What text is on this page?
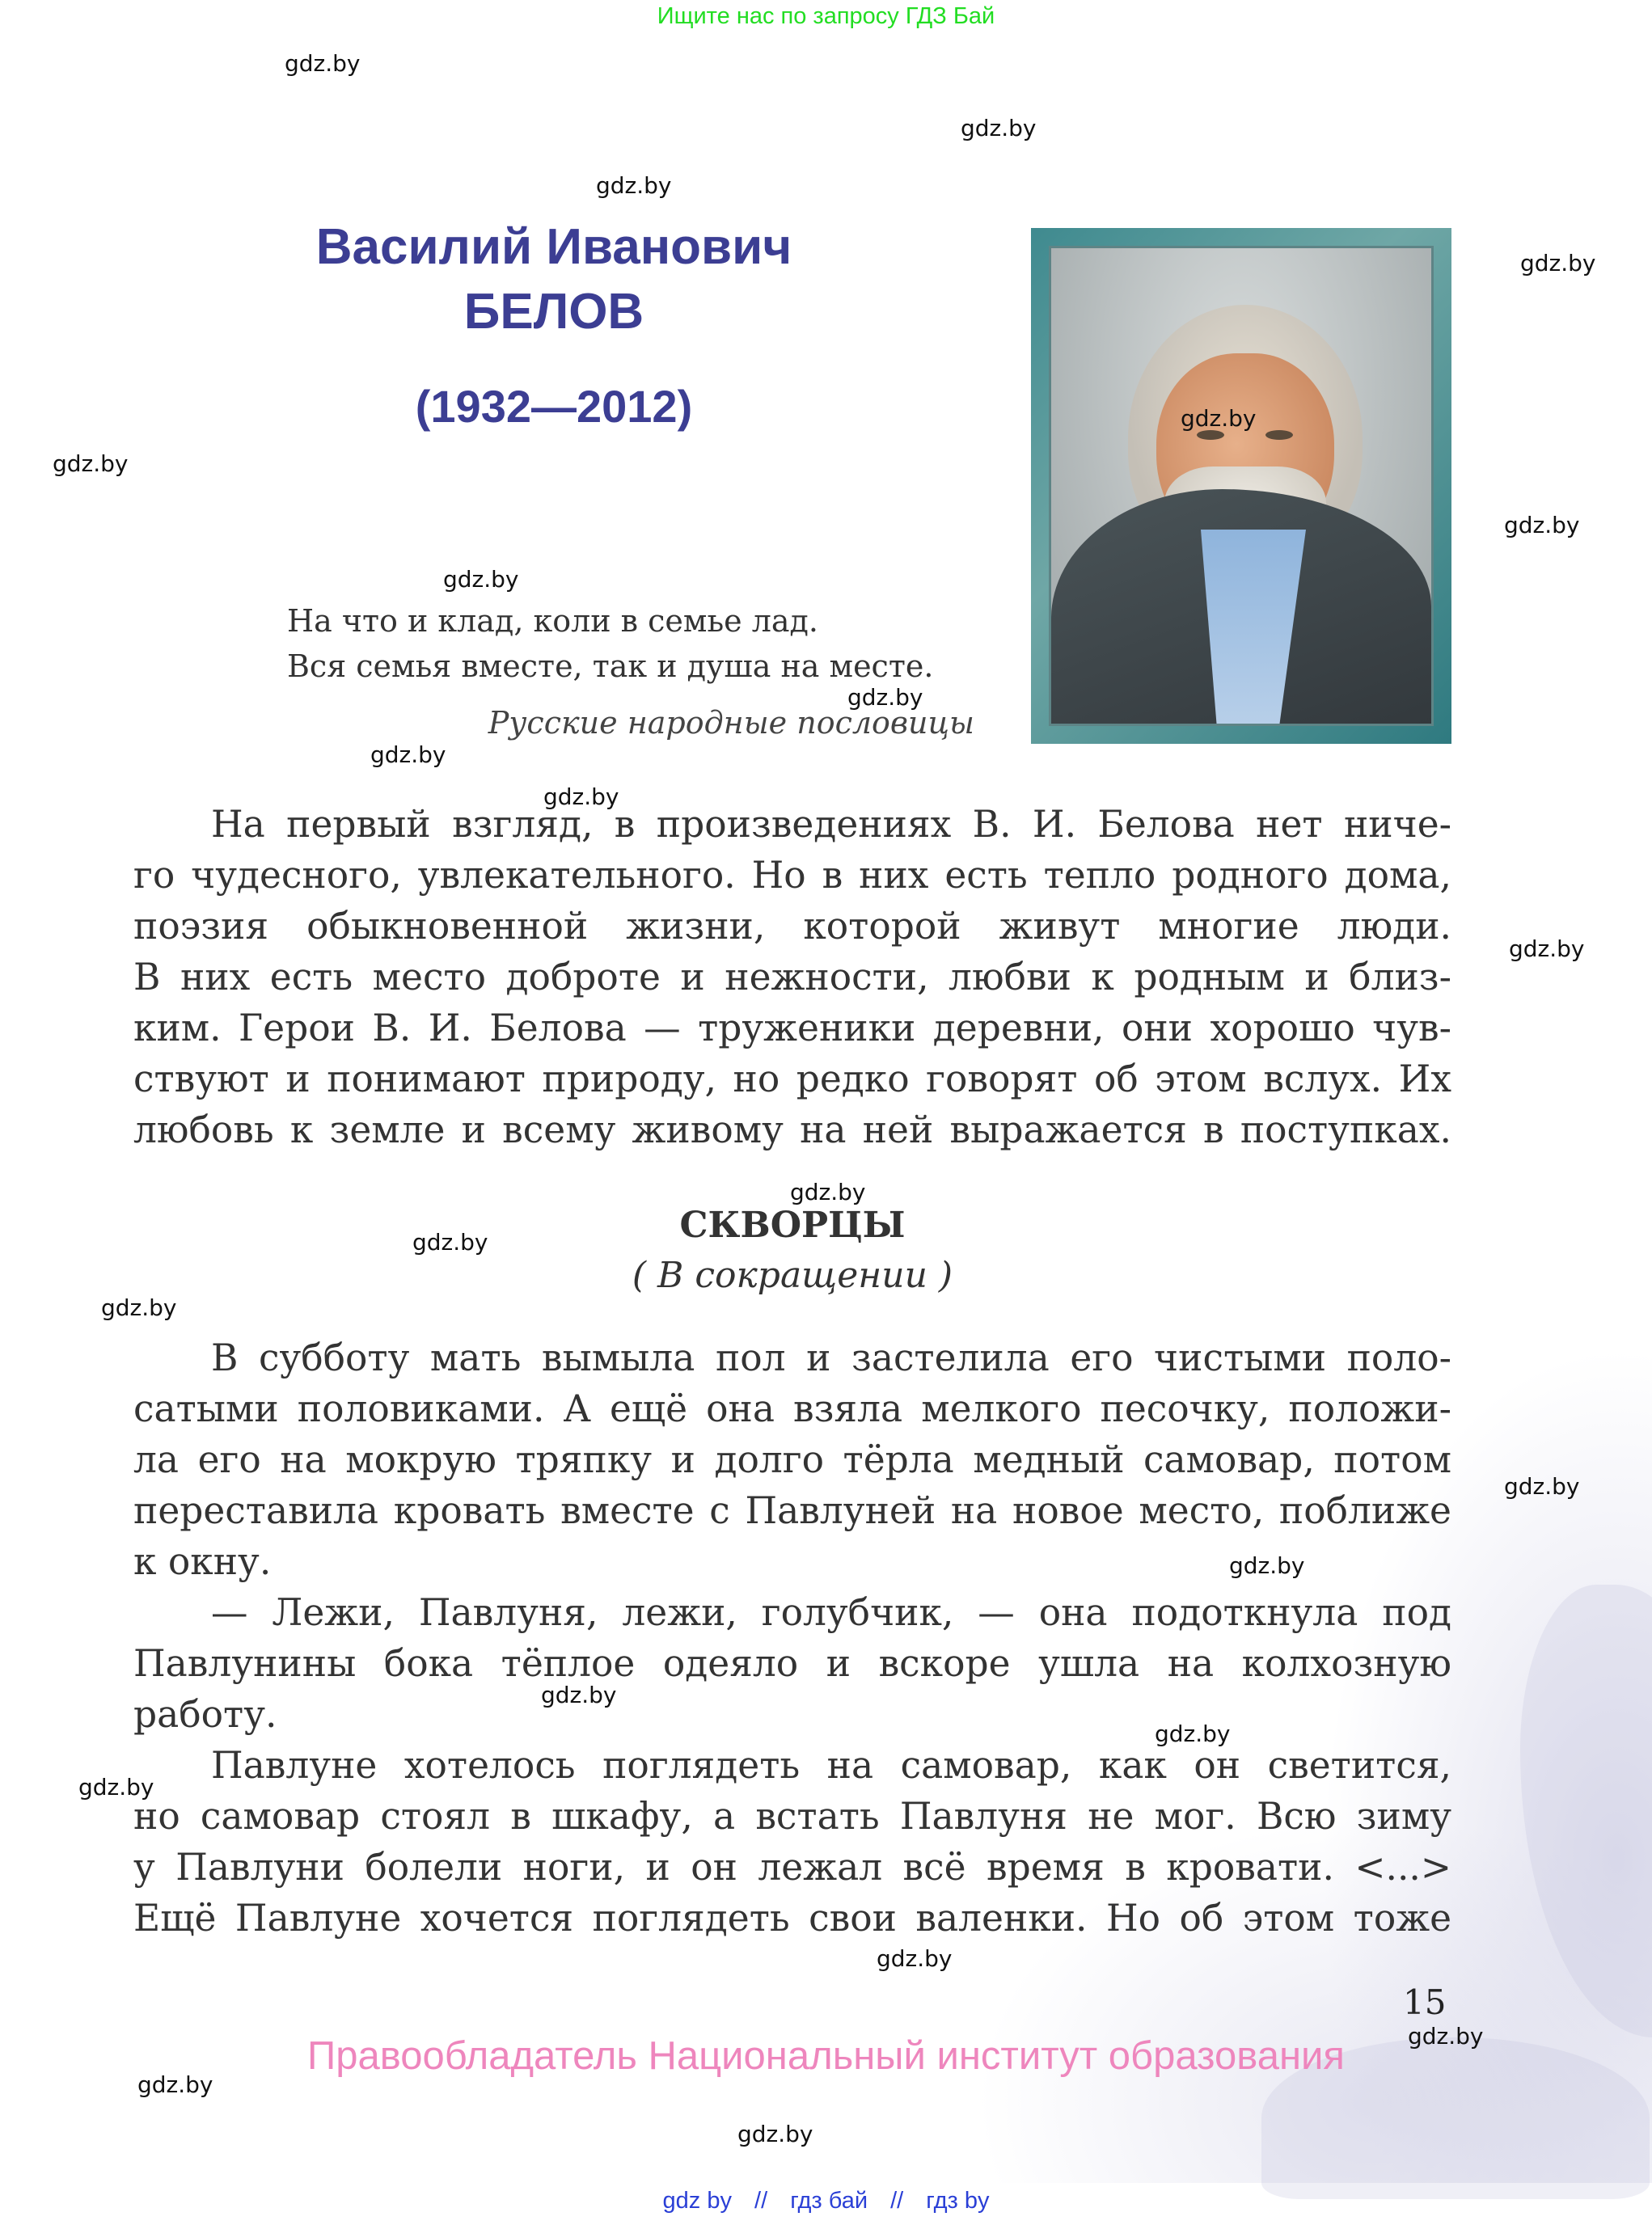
Ищите нас по запросу ГДЗ Бай
Василий Иванович
БЕЛОВ
(1932—2012)
На что и клад, коли в семье лад.
Вся семья вместе, так и душа на месте.
Русские народные пословицы
На первый взгляд, в произведениях В. И. Белова нет ниче-
го чудесного, увлекательного. Но в них есть тепло родного дома,
поэзия обыкновенной жизни, которой живут многие люди.
В них есть место доброте и нежности, любви к родным и близ-
ким. Герои В. И. Белова — труженики деревни, они хорошо чув-
ствуют и понимают природу, но редко говорят об этом вслух. Их
любовь к земле и всему живому на ней выражается в поступках.
СКВОРЦЫ
( В сокращении )
В субботу мать вымыла пол и застелила его чистыми поло-
сатыми половиками. А ещё она взяла мелкого песочку, положи-
ла его на мокрую тряпку и долго тёрла медный самовар, потом
переставила кровать вместе с Павлуней на новое место, поближе
к окну.
— Лежи, Павлуня, лежи, голубчик, — она подоткнула под
Павлунины бока тёплое одеяло и вскоре ушла на колхозную
работу.
Павлуне хотелось поглядеть на самовар, как он светится,
но самовар стоял в шкафу, а встать Павлуня не мог. Всю зиму
у Павлуни болели ноги, и он лежал всё время в кровати. <...>
Ещё Павлуне хочется поглядеть свои валенки. Но об этом тоже
15
Правообладатель Национальный институт образования
gdz by // гдз бай // гдз by
gdz.by
gdz.by
gdz.by
gdz.by
gdz.by
gdz.by
gdz.by
gdz.by
gdz.by
gdz.by
gdz.by
gdz.by
gdz.by
gdz.by
gdz.by
gdz.by
gdz.by
gdz.by
gdz.by
gdz.by
gdz.by
gdz.by
gdz.by
gdz.by
